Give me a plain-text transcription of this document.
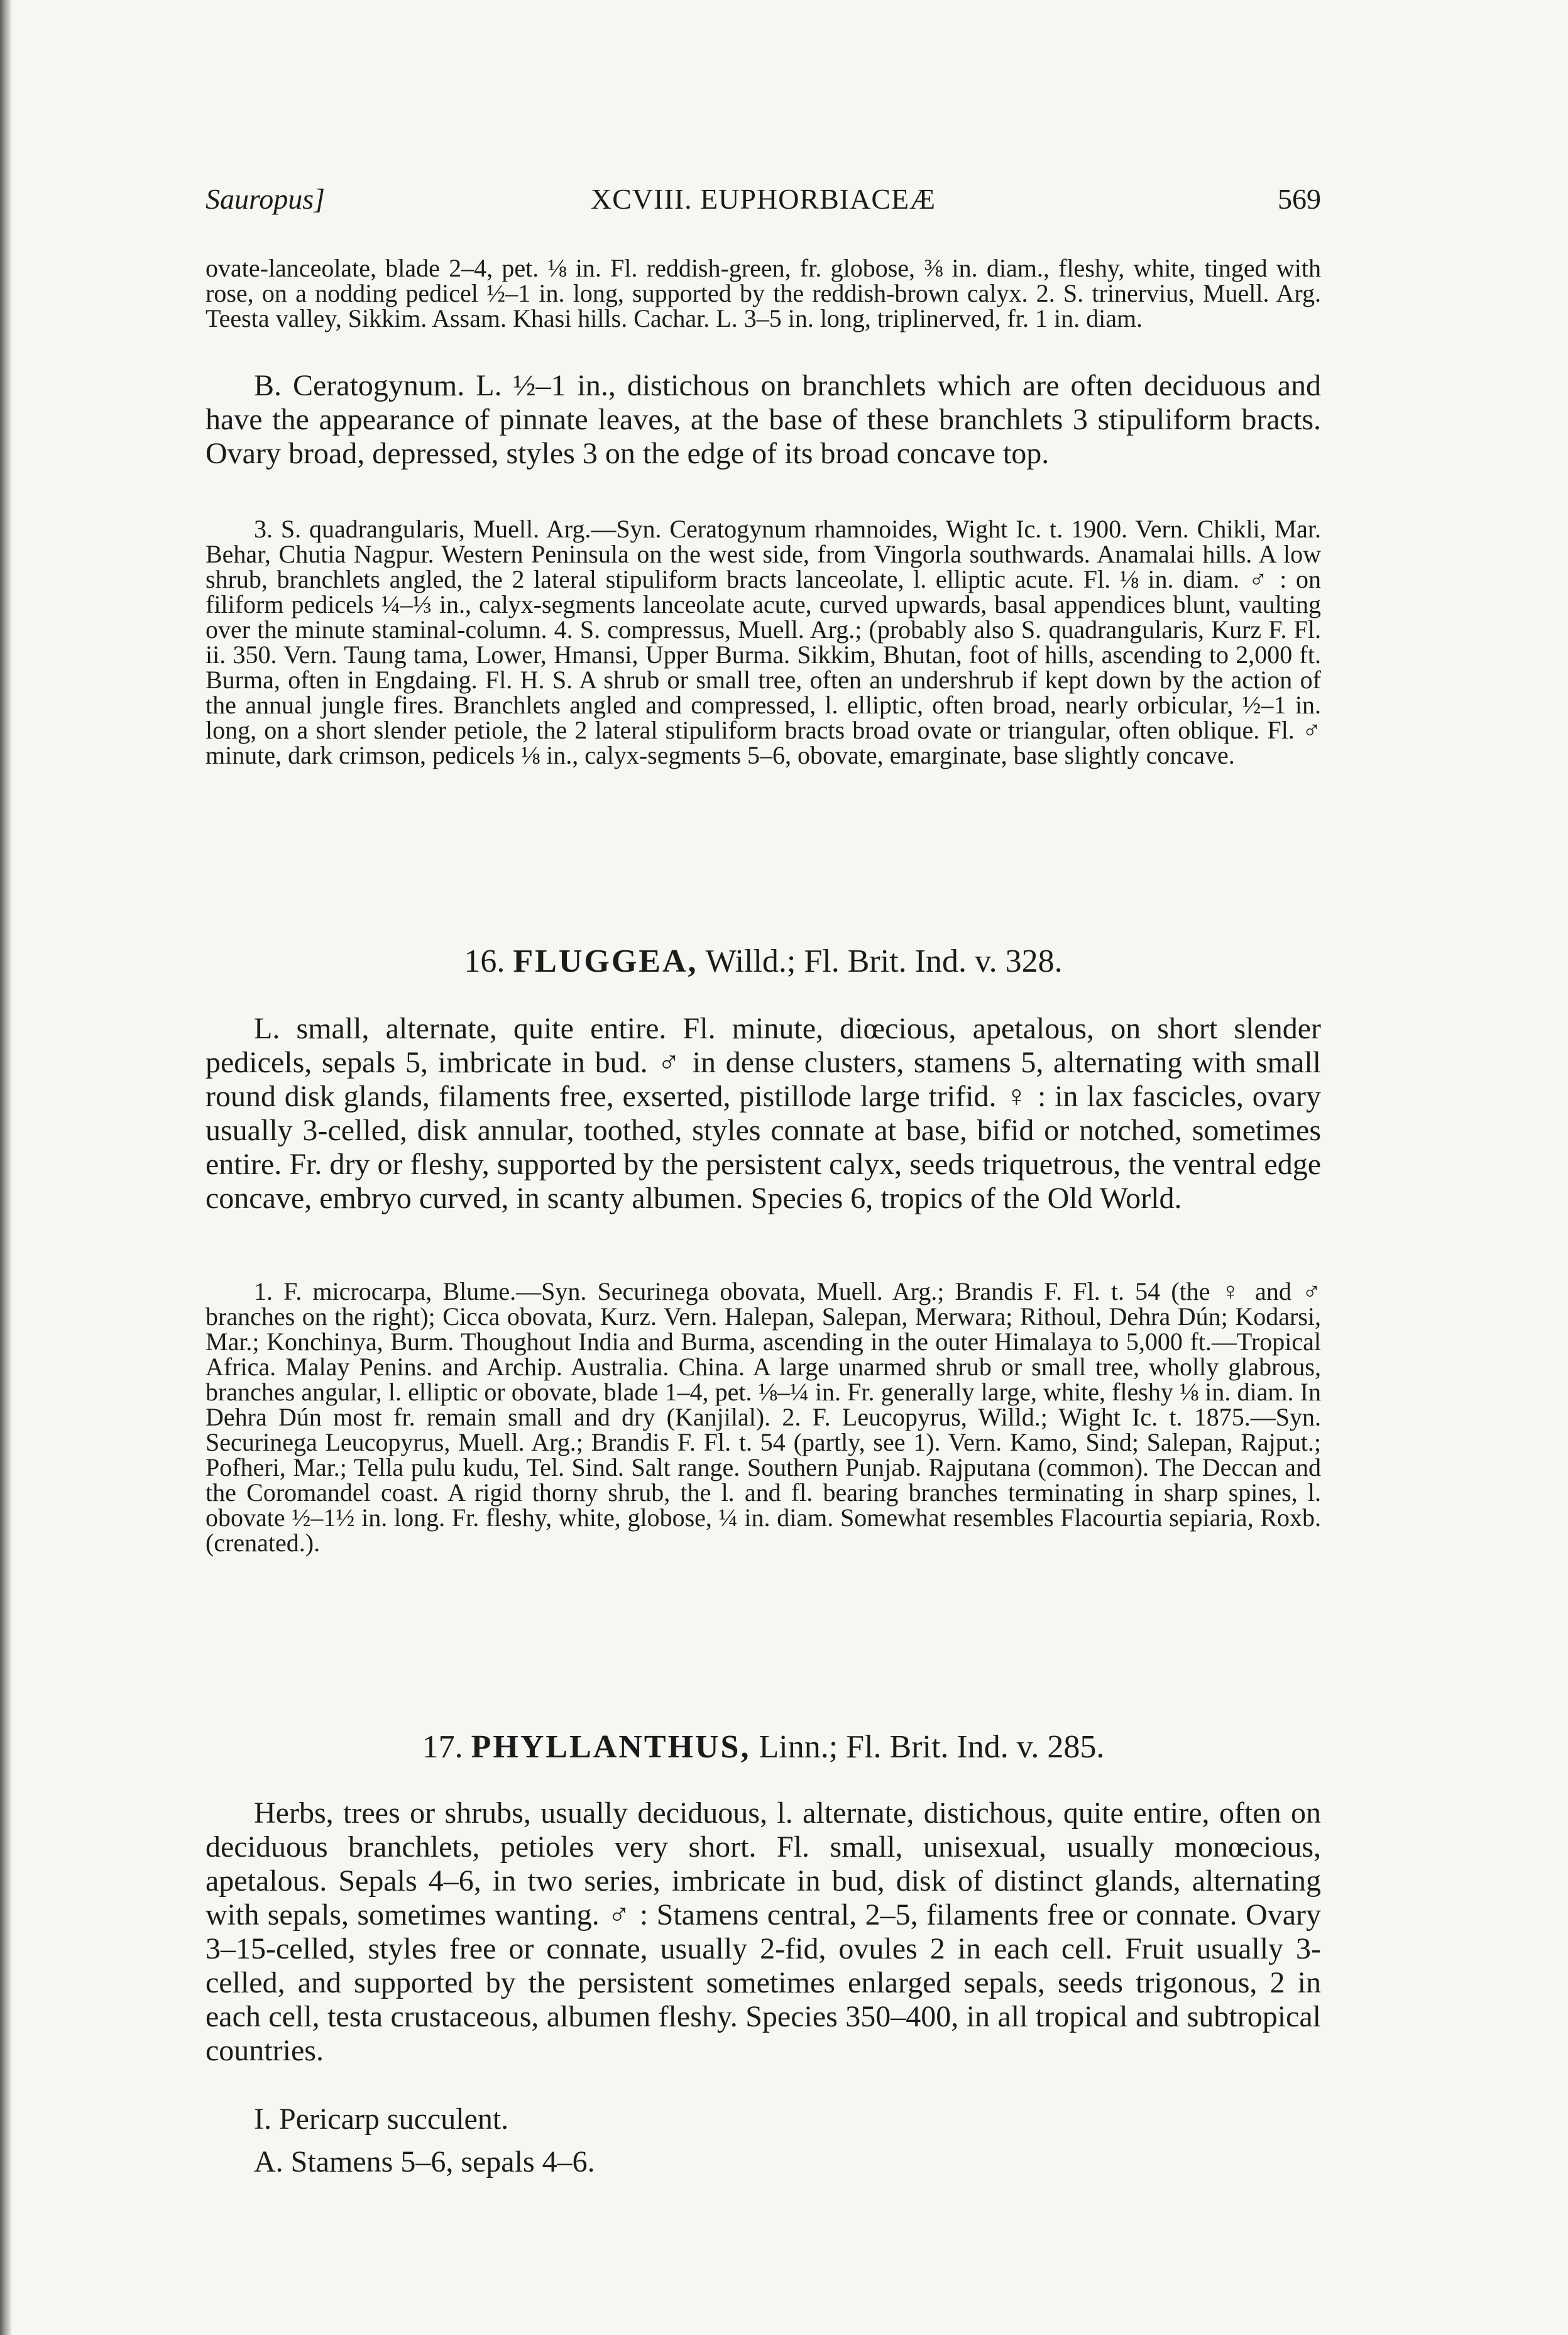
Sauropus]	XCVIII. EUPHORBIACEÆ	569

ovate-lanceolate, blade 2–4, pet. ⅛ in. Fl. reddish-green, fr. globose, ⅜ in. diam., fleshy, white, tinged with rose, on a nodding pedicel ½–1 in. long, supported by the reddish-brown calyx. 2. S. trinervius, Muell. Arg. Teesta valley, Sikkim. Assam. Khasi hills. Cachar. L. 3–5 in. long, triplinerved, fr. 1 in. diam.

B. Ceratogynum. L. ½–1 in., distichous on branchlets which are often deciduous and have the appearance of pinnate leaves, at the base of these branchlets 3 stipuliform bracts. Ovary broad, depressed, styles 3 on the edge of its broad concave top.

3. S. quadrangularis, Muell. Arg.—Syn. Ceratogynum rhamnoides, Wight Ic. t. 1900. Vern. Chikli, Mar. Behar, Chutia Nagpur. Western Peninsula on the west side, from Vingorla southwards. Anamalai hills. A low shrub, branchlets angled, the 2 lateral stipuliform bracts lanceolate, l. elliptic acute. Fl. ⅛ in. diam. ♂ : on filiform pedicels ¼–⅓ in., calyx-segments lanceolate acute, curved upwards, basal appendices blunt, vaulting over the minute staminal-column. 4. S. compressus, Muell. Arg.; (probably also S. quadrangularis, Kurz F. Fl. ii. 350. Vern. Taung tama, Lower, Hmansi, Upper Burma. Sikkim, Bhutan, foot of hills, ascending to 2,000 ft. Burma, often in Engdaing. Fl. H. S. A shrub or small tree, often an undershrub if kept down by the action of the annual jungle fires. Branchlets angled and compressed, l. elliptic, often broad, nearly orbicular, ½–1 in. long, on a short slender petiole, the 2 lateral stipuliform bracts broad ovate or triangular, often oblique. Fl. ♂ minute, dark crimson, pedicels ⅛ in., calyx-segments 5–6, obovate, emarginate, base slightly concave.

16. FLUGGEA, Willd.; Fl. Brit. Ind. v. 328.

L. small, alternate, quite entire. Fl. minute, diœcious, apetalous, on short slender pedicels, sepals 5, imbricate in bud. ♂ in dense clusters, stamens 5, alternating with small round disk glands, filaments free, exserted, pistillode large trifid. ♀ : in lax fascicles, ovary usually 3-celled, disk annular, toothed, styles connate at base, bifid or notched, sometimes entire. Fr. dry or fleshy, supported by the persistent calyx, seeds triquetrous, the ventral edge concave, embryo curved, in scanty albumen. Species 6, tropics of the Old World.

1. F. microcarpa, Blume.—Syn. Securinega obovata, Muell. Arg.; Brandis F. Fl. t. 54 (the ♀ and ♂ branches on the right); Cicca obovata, Kurz. Vern. Halepan, Salepan, Merwara; Rithoul, Dehra Dún; Kodarsi, Mar.; Konchinya, Burm. Thoughout India and Burma, ascending in the outer Himalaya to 5,000 ft.—Tropical Africa. Malay Penins. and Archip. Australia. China. A large unarmed shrub or small tree, wholly glabrous, branches angular, l. elliptic or obovate, blade 1–4, pet. ⅛–¼ in. Fr. generally large, white, fleshy ⅛ in. diam. In Dehra Dún most fr. remain small and dry (Kanjilal). 2. F. Leucopyrus, Willd.; Wight Ic. t. 1875.—Syn. Securinega Leucopyrus, Muell. Arg.; Brandis F. Fl. t. 54 (partly, see 1). Vern. Kamo, Sind; Salepan, Rajput.; Pofheri, Mar.; Tella pulu kudu, Tel. Sind. Salt range. Southern Punjab. Rajputana (common). The Deccan and the Coromandel coast. A rigid thorny shrub, the l. and fl. bearing branches terminating in sharp spines, l. obovate ½–1½ in. long. Fr. fleshy, white, globose, ¼ in. diam. Somewhat resembles Flacourtia sepiaria, Roxb. (crenated.).

17. PHYLLANTHUS, Linn.; Fl. Brit. Ind. v. 285.

Herbs, trees or shrubs, usually deciduous, l. alternate, distichous, quite entire, often on deciduous branchlets, petioles very short. Fl. small, unisexual, usually monœcious, apetalous. Sepals 4–6, in two series, imbricate in bud, disk of distinct glands, alternating with sepals, sometimes wanting. ♂ : Stamens central, 2–5, filaments free or connate. Ovary 3–15-celled, styles free or connate, usually 2-fid, ovules 2 in each cell. Fruit usually 3-celled, and supported by the persistent sometimes enlarged sepals, seeds trigonous, 2 in each cell, testa crustaceous, albumen fleshy. Species 350–400, in all tropical and subtropical countries.

I. Pericarp succulent.
A. Stamens 5–6, sepals 4–6.
